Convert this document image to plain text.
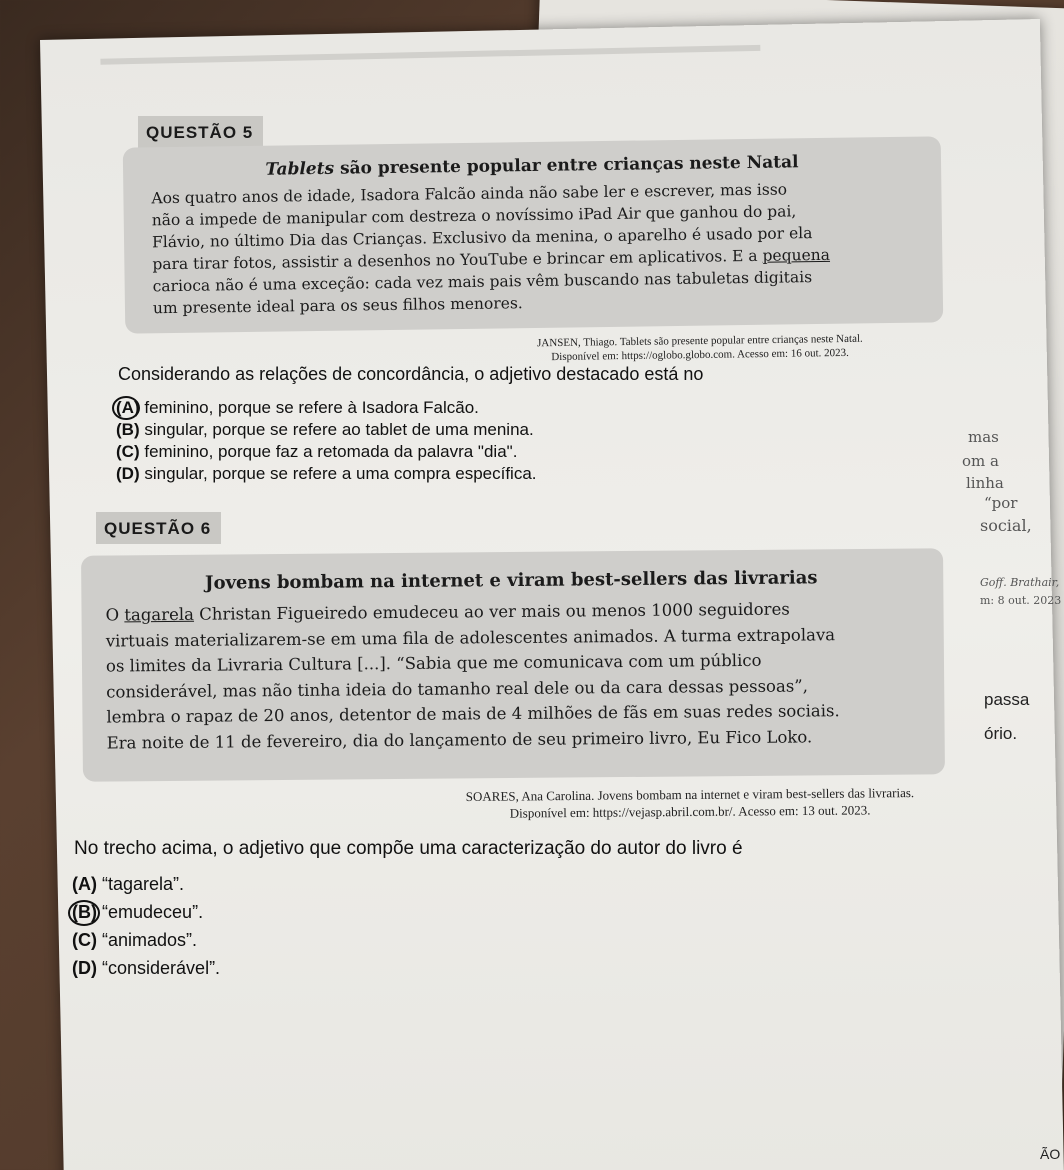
mas
om a
linha
“por
social,
Goff. Brathair,
m: 8 out. 2023
passa
ório.
ÃO
QUESTÃO 5
Tablets são presente popular entre crianças neste Natal

Aos quatro anos de idade, Isadora Falcão ainda não sabe ler e escrever, mas isso

não a impede de manipular com destreza o novíssimo iPad Air que ganhou do pai,

Flávio, no último Dia das Crianças. Exclusivo da menina, o aparelho é usado por ela

para tirar fotos, assistir a desenhos no YouTube e brincar em aplicativos. E a pequena

carioca não é uma exceção: cada vez mais pais vêm buscando nas tabuletas digitais

um presente ideal para os seus filhos menores.

JANSEN, Thiago. Tablets são presente popular entre crianças neste Natal.
Disponível em: https://oglobo.globo.com. Acesso em: 16 out. 2023.
Considerando as relações de concordância, o adjetivo destacado está no
(A) feminino, porque se refere à Isadora Falcão.
(B) singular, porque se refere ao tablet de uma menina.
(C) feminino, porque faz a retomada da palavra "dia".
(D) singular, porque se refere a uma compra específica.
QUESTÃO 6
Jovens bombam na internet e viram best-sellers das livrarias

O tagarela Christan Figueiredo emudeceu ao ver mais ou menos 1000 seguidores

virtuais materializarem-se em uma fila de adolescentes animados. A turma extrapolava

os limites da Livraria Cultura [...]. “Sabia que me comunicava com um público

considerável, mas não tinha ideia do tamanho real dele ou da cara dessas pessoas”,

lembra o rapaz de 20 anos, detentor de mais de 4 milhões de fãs em suas redes sociais.

Era noite de 11 de fevereiro, dia do lançamento de seu primeiro livro, Eu Fico Loko.

SOARES, Ana Carolina. Jovens bombam na internet e viram best-sellers das livrarias.
Disponível em: https://vejasp.abril.com.br/. Acesso em: 13 out. 2023.
No trecho acima, o adjetivo que compõe uma caracterização do autor do livro é
(A) “tagarela”.
(B) “emudeceu”.
(C) “animados”.
(D) “considerável”.
